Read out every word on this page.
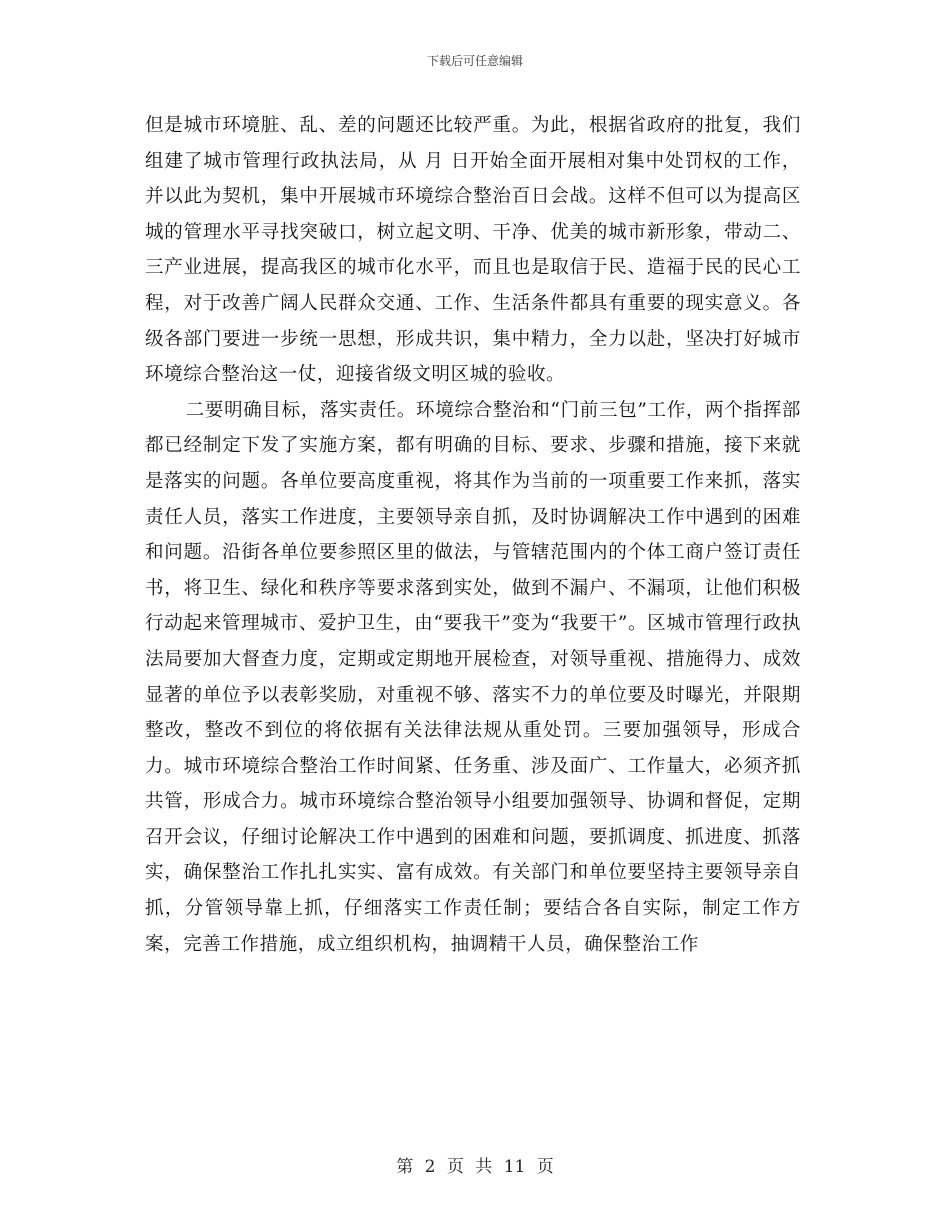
下载后可任意编辑

但是城市环境脏、乱、差的问题还比较严重。为此，根据省政府的批复，我们组建了城市管理行政执法局，从 月 日开始全面开展相对集中处罚权的工作，并以此为契机，集中开展城市环境综合整治百日会战。这样不但可以为提高区城的管理水平寻找突破口，树立起文明、干净、优美的城市新形象，带动二、三产业进展，提高我区的城市化水平，而且也是取信于民、造福于民的民心工程，对于改善广阔人民群众交通、工作、生活条件都具有重要的现实意义。各级各部门要进一步统一思想，形成共识，集中精力，全力以赴，坚决打好城市环境综合整治这一仗，迎接省级文明区城的验收。

二要明确目标，落实责任。环境综合整治和“门前三包”工作，两个指挥部都已经制定下发了实施方案，都有明确的目标、要求、步骤和措施，接下来就是落实的问题。各单位要高度重视，将其作为当前的一项重要工作来抓，落实责任人员，落实工作进度，主要领导亲自抓，及时协调解决工作中遇到的困难和问题。沿街各单位要参照区里的做法，与管辖范围内的个体工商户签订责任书，将卫生、绿化和秩序等要求落到实处，做到不漏户、不漏项，让他们积极行动起来管理城市、爱护卫生，由“要我干”变为“我要干”。区城市管理行政执法局要加大督查力度，定期或定期地开展检查，对领导重视、措施得力、成效显著的单位予以表彰奖励，对重视不够、落实不力的单位要及时曝光，并限期整改，整改不到位的将依据有关法律法规从重处罚。三要加强领导，形成合力。城市环境综合整治工作时间紧、任务重、涉及面广、工作量大，必须齐抓共管，形成合力。城市环境综合整治领导小组要加强领导、协调和督促，定期召开会议，仔细讨论解决工作中遇到的困难和问题，要抓调度、抓进度、抓落实，确保整治工作扎扎实实、富有成效。有关部门和单位要坚持主要领导亲自抓，分管领导靠上抓，仔细落实工作责任制；要结合各自实际，制定工作方案，完善工作措施，成立组织机构，抽调精干人员，确保整治工作

第 2 页 共 11 页
